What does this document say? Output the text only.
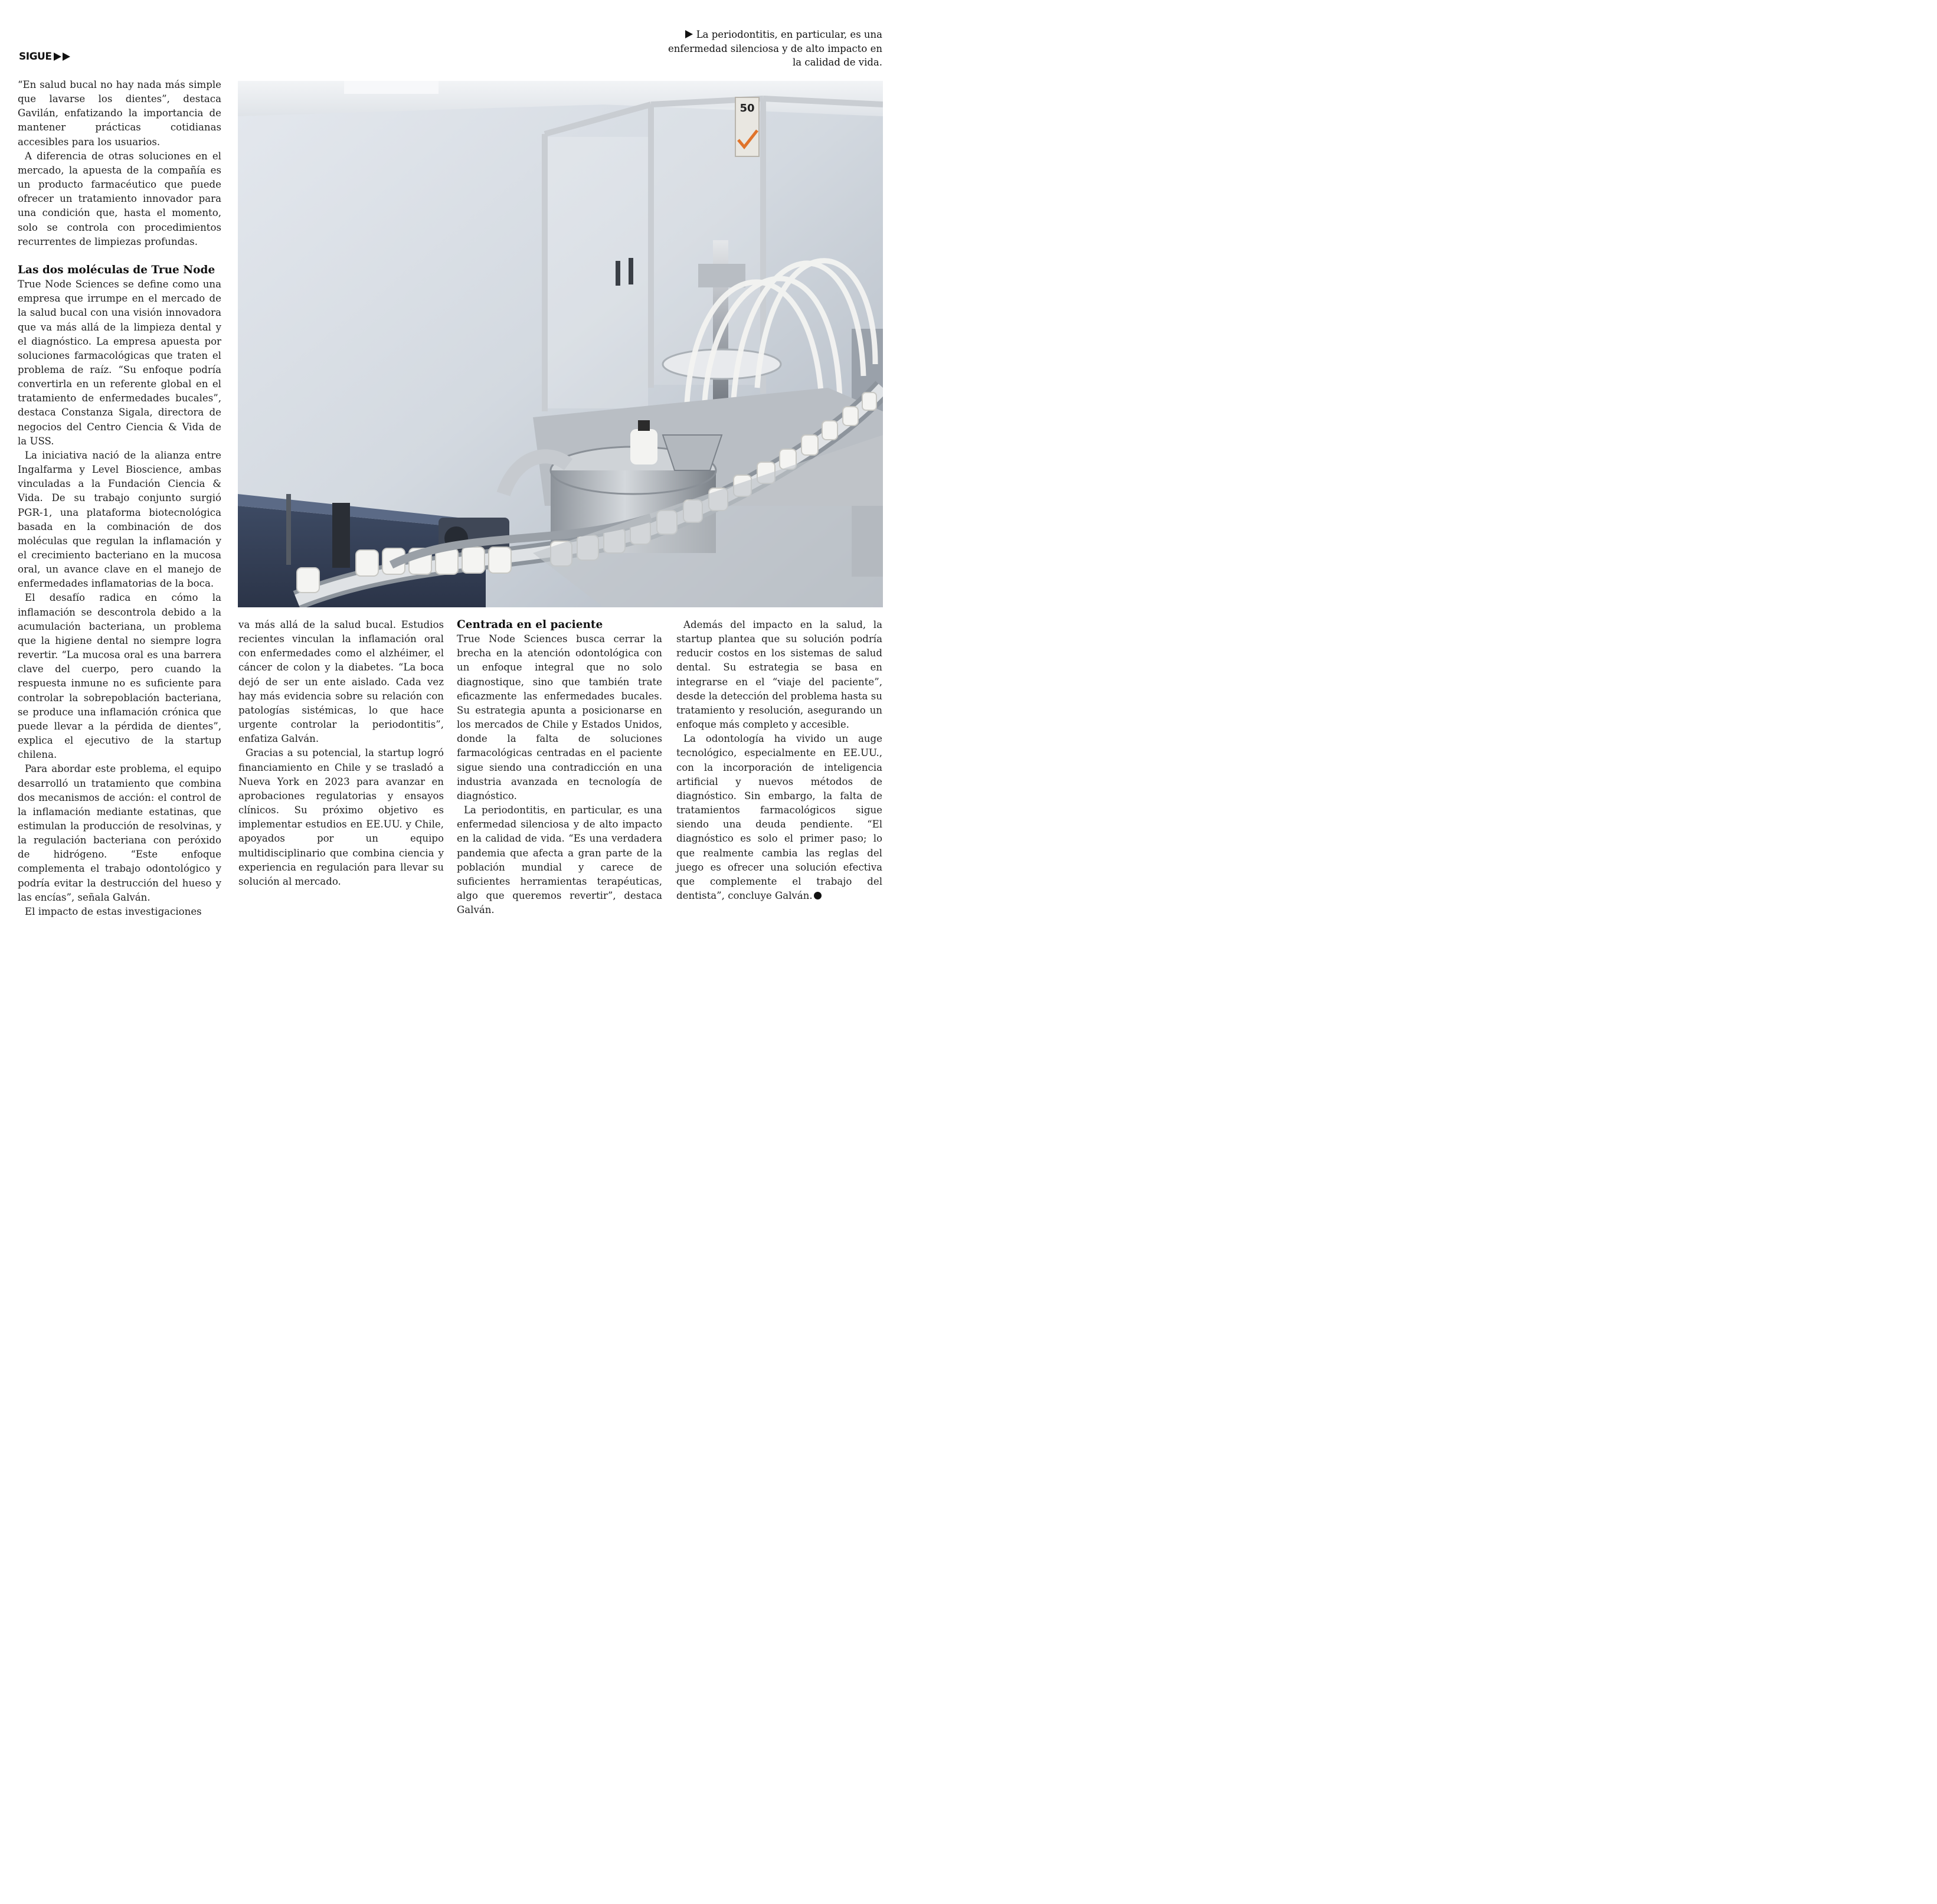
SIGUE
La periodontitis, en particular, es una enfermedad silenciosa y de alto impacto en la calidad de vida.

“En salud bucal no hay nada más simple que lavarse los dientes”, destaca Gavilán, enfatizando la importancia de mantener prácticas cotidianas accesibles para los usuarios.

A diferencia de otras soluciones en el mercado, la apuesta de la compañía es un producto farmacéutico que puede ofrecer un tratamiento innovador para una condición que, hasta el momento, solo se controla con procedimientos recurrentes de limpiezas profundas.

Las dos moléculas de True Node

True Node Sciences se define como una empresa que irrumpe en el mercado de la salud bucal con una visión innovadora que va más allá de la limpieza dental y el diagnóstico. La empresa apuesta por soluciones farmacológicas que traten el problema de raíz. “Su enfoque podría convertirla en un referente global en el tratamiento de enfermedades bucales”, destaca Constanza Sigala, directora de negocios del Centro Ciencia & Vida de la USS.

La iniciativa nació de la alianza entre Ingalfarma y Level Bioscience, ambas vinculadas a la Fundación Ciencia & Vida. De su trabajo conjunto surgió PGR-1, una plataforma biotecnológica basada en la combinación de dos moléculas que regulan la inflamación y el crecimiento bacteriano en la mucosa oral, un avance clave en el manejo de enfermedades inflamatorias de la boca.

El desafío radica en cómo la inflamación se descontrola debido a la acumulación bacteriana, un problema que la higiene dental no siempre logra revertir. “La mucosa oral es una barrera clave del cuerpo, pero cuando la respuesta inmune no es suficiente para controlar la sobrepoblación bacteriana, se produce una inflamación crónica que puede llevar a la pérdida de dientes”, explica el ejecutivo de la startup chilena.

Para abordar este problema, el equipo desarrolló un tratamiento que combina dos mecanismos de acción: el control de la inflamación mediante estatinas, que estimulan la producción de resolvinas, y la regulación bacteriana con peróxido de hidrógeno. “Este enfoque complementa el trabajo odontológico y podría evitar la destrucción del hueso y las encías”, señala Galván.

El impacto de estas investigaciones

50

va más allá de la salud bucal. Estudios recientes vinculan la inflamación oral con enfermedades como el alzhéimer, el cáncer de colon y la diabetes. “La boca dejó de ser un ente aislado. Cada vez hay más evidencia sobre su relación con patologías sistémicas, lo que hace urgente controlar la periodontitis”, enfatiza Galván.

Gracias a su potencial, la startup logró financiamiento en Chile y se trasladó a Nueva York en 2023 para avanzar en aprobaciones regulatorias y ensayos clínicos. Su próximo objetivo es implementar estudios en EE.UU. y Chile, apoyados por un equipo multidisciplinario que combina ciencia y experiencia en regulación para llevar su solución al mercado.

Centrada en el paciente

True Node Sciences busca cerrar la brecha en la atención odontológica con un enfoque integral que no solo diagnostique, sino que también trate eficazmente las enfermedades bucales. Su estrategia apunta a posicionarse en los mercados de Chile y Estados Unidos, donde la falta de soluciones farmacológicas centradas en el paciente sigue siendo una contradicción en una industria avanzada en tecnología de diagnóstico.

La periodontitis, en particular, es una enfermedad silenciosa y de alto impacto en la calidad de vida. “Es una verdadera pandemia que afecta a gran parte de la población mundial y carece de suficientes herramientas terapéuticas, algo que queremos revertir”, destaca Galván.

Además del impacto en la salud, la startup plantea que su solución podría reducir costos en los sistemas de salud dental. Su estrategia se basa en integrarse en el “viaje del paciente”, desde la detección del problema hasta su tratamiento y resolución, asegurando un enfoque más completo y accesible.

La odontología ha vivido un auge tecnológico, especialmente en EE.UU., con la incorporación de inteligencia artificial y nuevos métodos de diagnóstico. Sin embargo, la falta de tratamientos farmacológicos sigue siendo una deuda pendiente. “El diagnóstico es solo el primer paso; lo que realmente cambia las reglas del juego es ofrecer una solución efectiva que complemente el trabajo del dentista”, concluye Galván.
